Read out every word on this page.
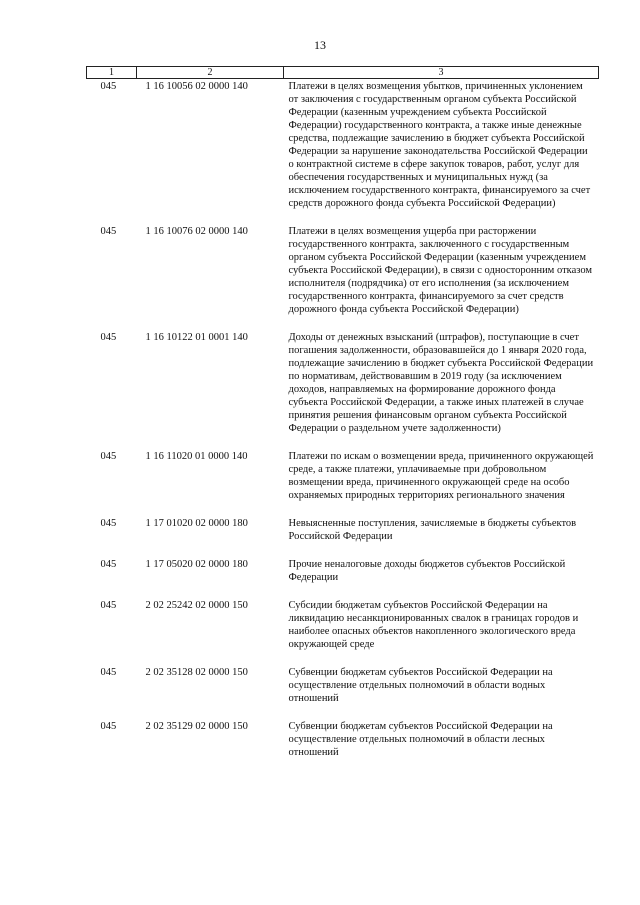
13
1	2	3
045	1 16 10056 02 0000 140	Платежи в целях возмещения убытков, причиненных уклонением от заключения с государственным органом субъекта Российской Федерации (казенным учреждением субъекта Российской Федерации) государственного контракта, а также иные денежные средства, подлежащие зачислению в бюджет субъекта Российской Федерации за нарушение законодательства Российской Федерации о контрактной системе в сфере закупок товаров, работ, услуг для обеспечения государственных и муниципальных нужд (за исключением государственного контракта, финансируемого за счет средств дорожного фонда субъекта Российской Федерации)
045	1 16 10076 02 0000 140	Платежи в целях возмещения ущерба при расторжении государственного контракта, заключенного с государственным органом субъекта Российской Федерации (казенным учреждением субъекта Российской Федерации), в связи с односторонним отказом исполнителя (подрядчика) от его исполнения (за исключением государственного контракта, финансируемого за счет средств дорожного фонда субъекта Российской Федерации)
045	1 16 10122 01 0001 140	Доходы от денежных взысканий (штрафов), поступающие в счет погашения задолженности, образовавшейся до 1 января 2020 года, подлежащие зачислению в бюджет субъекта Российской Федерации по нормативам, действовавшим в 2019 году (за исключением доходов, направляемых на формирование дорожного фонда субъекта Российской Федерации, а также иных платежей в случае принятия решения финансовым органом субъекта Российской Федерации о раздельном учете задолженности)
045	1 16 11020 01 0000 140	Платежи по искам о возмещении вреда, причиненного окружающей среде, а также платежи, уплачиваемые при добровольном возмещении вреда, причиненного окружающей среде на особо охраняемых природных территориях регионального значения
045	1 17 01020 02 0000 180	Невыясненные поступления, зачисляемые в бюджеты субъектов Российской Федерации
045	1 17 05020 02 0000 180	Прочие неналоговые доходы бюджетов субъектов Российской Федерации
045	2 02 25242 02 0000 150	Субсидии бюджетам субъектов Российской Федерации на ликвидацию несанкционированных свалок в границах городов и наиболее опасных объектов накопленного экологического вреда окружающей среде
045	2 02 35128 02 0000 150	Субвенции бюджетам субъектов Российской Федерации на осуществление отдельных полномочий в области водных отношений
045	2 02 35129 02 0000 150	Субвенции бюджетам субъектов Российской Федерации на осуществление отдельных полномочий в области лесных отношений
